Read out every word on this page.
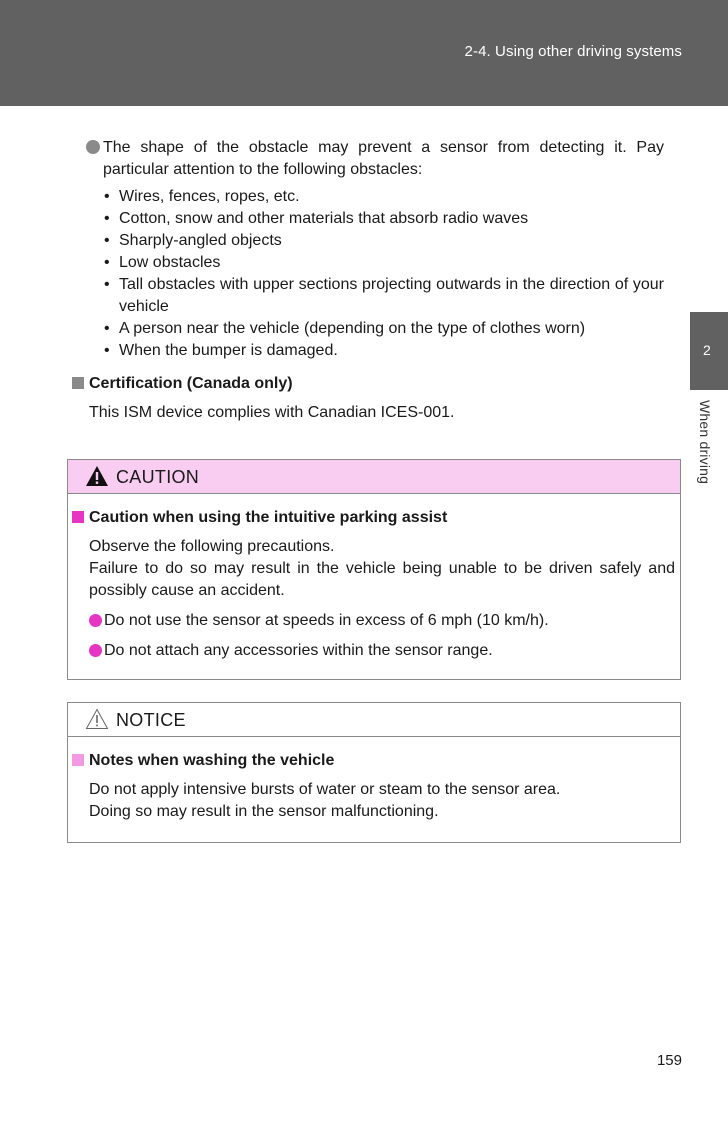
2-4. Using other driving systems
2
When driving
The shape of the obstacle may prevent a sensor from detecting it. Pay particular attention to the following obstacles:
• Wires, fences, ropes, etc.
• Cotton, snow and other materials that absorb radio waves
• Sharply-angled objects
• Low obstacles
• Tall obstacles with upper sections projecting outwards in the direction of your vehicle
• A person near the vehicle (depending on the type of clothes worn)
• When the bumper is damaged.
Certification (Canada only)
This ISM device complies with Canadian ICES-001.
CAUTION
Caution when using the intuitive parking assist
Observe the following precautions.
Failure to do so may result in the vehicle being unable to be driven safely and possibly cause an accident.
Do not use the sensor at speeds in excess of 6 mph (10 km/h).
Do not attach any accessories within the sensor range.
NOTICE
Notes when washing the vehicle
Do not apply intensive bursts of water or steam to the sensor area.
Doing so may result in the sensor malfunctioning.
159
